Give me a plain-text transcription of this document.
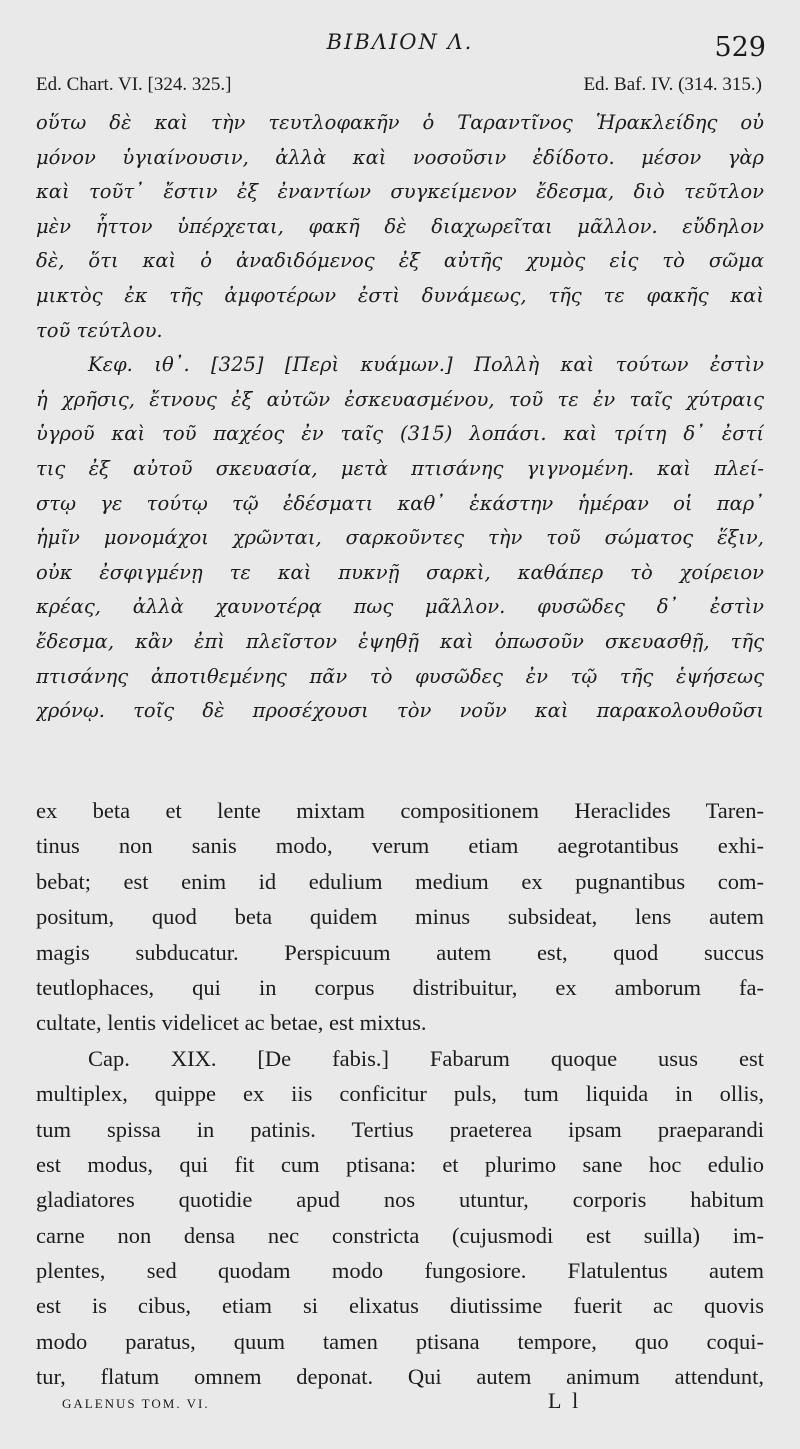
BIBΛΙΟΝ Λ.	529
Ed. Chart. VI. [324. 325.]	Ed. Baf. IV. (314. 315.)
οὕτω δὲ καὶ τὴν τευτλοφακῆν ὁ Ταραντῖνος Ἡρακλείδης οὐ
μόνον ὑγιαίνουσιν, ἀλλὰ καὶ νοσοῦσιν ἐδίδοτο. μέσον γὰρ
καὶ τοῦτ᾽ ἔστιν ἐξ ἐναντίων συγκείμενον ἔδεσμα, διὸ τεῦτλον
μὲν ἧττον ὑπέρχεται, φακῆ δὲ διαχωρεῖται μᾶλλον. εὔδηλον
δὲ, ὅτι καὶ ὁ ἀναδιδόμενος ἐξ αὐτῆς χυμὸς εἰς τὸ σῶμα
μικτὸς ἐκ τῆς ἀμφοτέρων ἐστὶ δυνάμεως, τῆς τε φακῆς καὶ
τοῦ τεύτλου.
Κεφ. ιθ᾽. [325] [Περὶ κυάμων.] Πολλὴ καὶ τούτων ἐστὶν
ἡ χρῆσις, ἔτνους ἐξ αὐτῶν ἐσκευασμένου, τοῦ τε ἐν ταῖς χύτραις
ὑγροῦ καὶ τοῦ παχέος ἐν ταῖς (315) λοπάσι. καὶ τρίτη δ᾽ ἐστί
τις ἐξ αὐτοῦ σκευασία, μετὰ πτισάνης γιγνομένη. καὶ πλεί-
στῳ γε τούτῳ τῷ ἐδέσματι καθ᾽ ἑκάστην ἡμέραν οἱ παρ᾽
ἡμῖν μονομάχοι χρῶνται, σαρκοῦντες τὴν τοῦ σώματος ἕξιν,
οὐκ ἐσφιγμένῃ τε καὶ πυκνῇ σαρκὶ, καθάπερ τὸ χοίρειον
κρέας, ἀλλὰ χαυνοτέρᾳ πως μᾶλλον. φυσῶδες δ᾽ ἐστὶν
ἔδεσμα, κἂν ἐπὶ πλεῖστον ἑψηθῇ καὶ ὁπωσοῦν σκευασθῇ, τῆς
πτισάνης ἀποτιθεμένης πᾶν τὸ φυσῶδες ἐν τῷ τῆς ἑψήσεως
χρόνῳ. τοῖς δὲ προσέχουσι τὸν νοῦν καὶ παρακολουθοῦσι
ex beta et lente mixtam compositionem Heraclides Taren-
tinus non sanis modo, verum etiam aegrotantibus exhi-
bebat; est enim id edulium medium ex pugnantibus com-
positum, quod beta quidem minus subsideat, lens autem
magis subducatur. Perspicuum autem est, quod succus
teutlophaces, qui in corpus distribuitur, ex amborum fa-
cultate, lentis videlicet ac betae, est mixtus.
Cap. XIX. [De fabis.] Fabarum quoque usus est
multiplex, quippe ex iis conficitur puls, tum liquida in ollis,
tum spissa in patinis. Tertius praeterea ipsam praeparandi
est modus, qui fit cum ptisana: et plurimo sane hoc edulio
gladiatores quotidie apud nos utuntur, corporis habitum
carne non densa nec constricta (cujusmodi est suilla) im-
plentes, sed quodam modo fungosiore. Flatulentus autem
est is cibus, etiam si elixatus diutissime fuerit ac quovis
modo paratus, quum tamen ptisana tempore, quo coqui-
tur, flatum omnem deponat. Qui autem animum attendunt,
GALENUS TOM. VI.	L l
